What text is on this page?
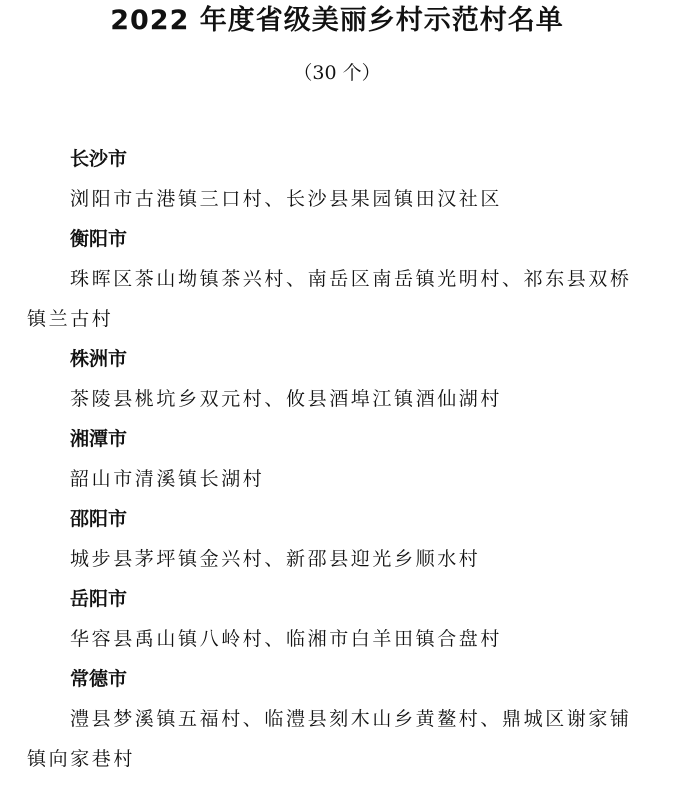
2022 年度省级美丽乡村示范村名单
（30 个）
长沙市
浏阳市古港镇三口村、长沙县果园镇田汉社区
衡阳市
珠晖区茶山坳镇茶兴村、南岳区南岳镇光明村、祁东县双桥
镇兰古村
株洲市
茶陵县桃坑乡双元村、攸县酒埠江镇酒仙湖村
湘潭市
韶山市清溪镇长湖村
邵阳市
城步县茅坪镇金兴村、新邵县迎光乡顺水村
岳阳市
华容县禹山镇八岭村、临湘市白羊田镇合盘村
常德市
澧县梦溪镇五福村、临澧县刻木山乡黄鳌村、鼎城区谢家铺
镇向家巷村
